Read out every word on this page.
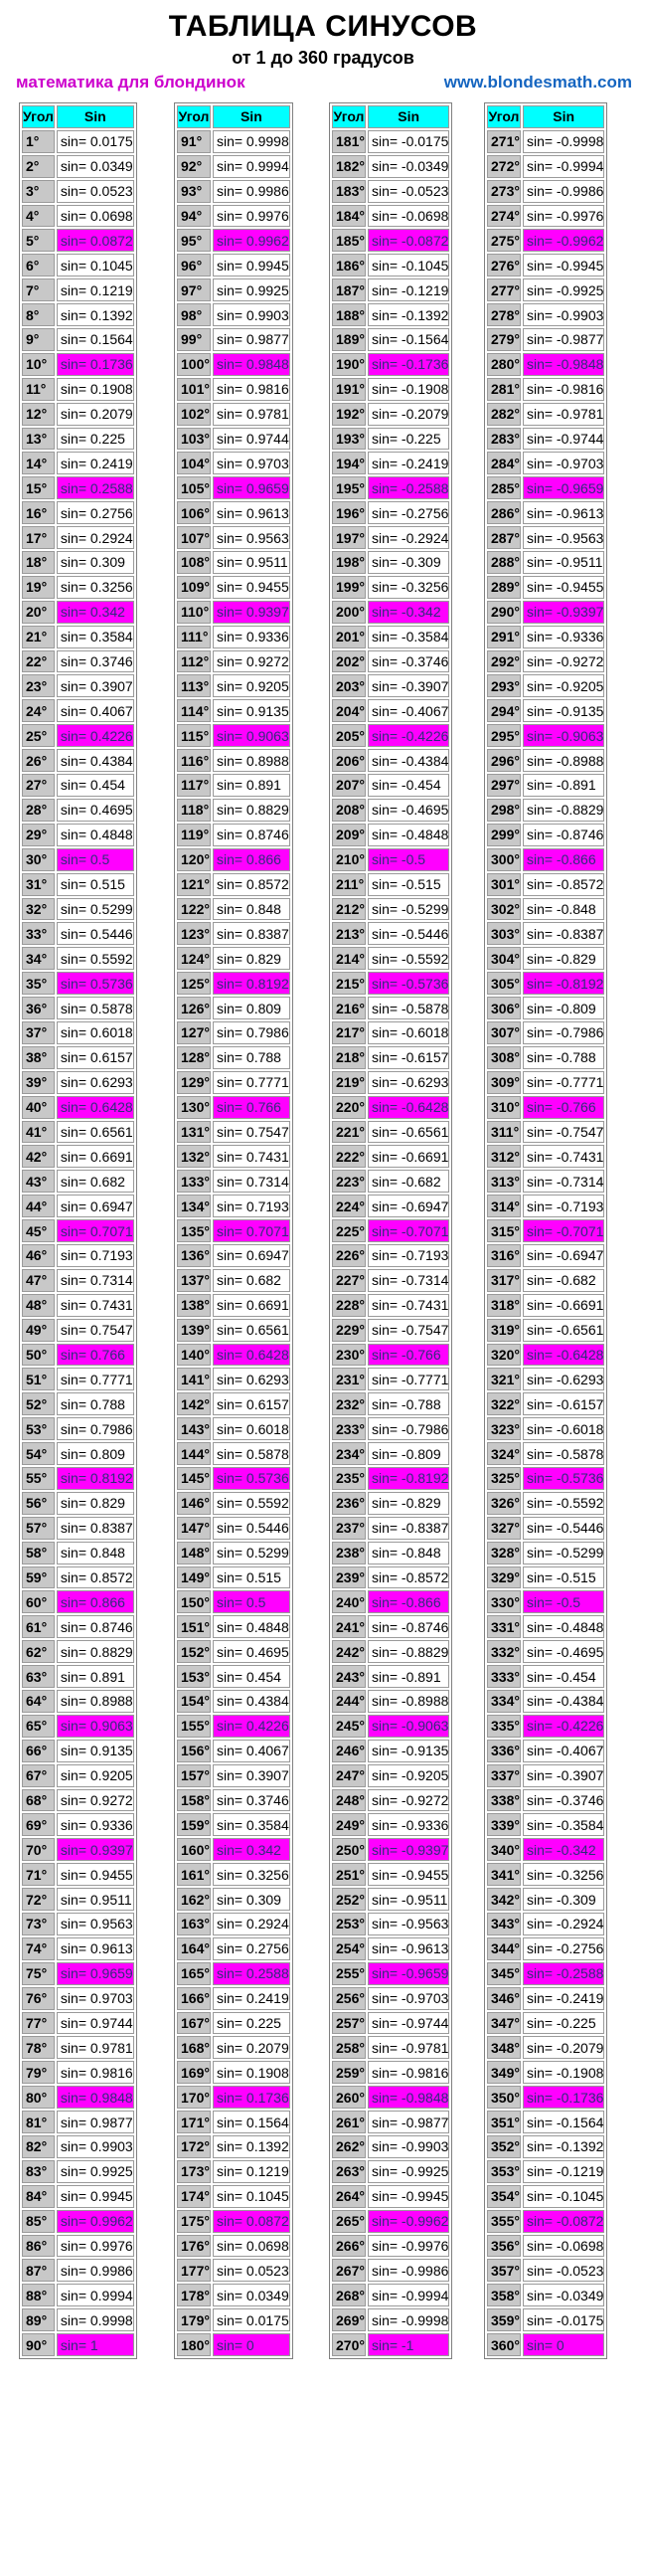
ТАБЛИЦА СИНУСОВ
от 1 до 360 градусов
математика для блондинок	www.blondesmath.com
Угол	Sin
1°	sin= 0.0175
2°	sin= 0.0349
3°	sin= 0.0523
4°	sin= 0.0698
5°	sin= 0.0872
6°	sin= 0.1045
7°	sin= 0.1219
8°	sin= 0.1392
9°	sin= 0.1564
10°	sin= 0.1736
11°	sin= 0.1908
12°	sin= 0.2079
13°	sin= 0.225
14°	sin= 0.2419
15°	sin= 0.2588
16°	sin= 0.2756
17°	sin= 0.2924
18°	sin= 0.309
19°	sin= 0.3256
20°	sin= 0.342
21°	sin= 0.3584
22°	sin= 0.3746
23°	sin= 0.3907
24°	sin= 0.4067
25°	sin= 0.4226
26°	sin= 0.4384
27°	sin= 0.454
28°	sin= 0.4695
29°	sin= 0.4848
30°	sin= 0.5
31°	sin= 0.515
32°	sin= 0.5299
33°	sin= 0.5446
34°	sin= 0.5592
35°	sin= 0.5736
36°	sin= 0.5878
37°	sin= 0.6018
38°	sin= 0.6157
39°	sin= 0.6293
40°	sin= 0.6428
41°	sin= 0.6561
42°	sin= 0.6691
43°	sin= 0.682
44°	sin= 0.6947
45°	sin= 0.7071
46°	sin= 0.7193
47°	sin= 0.7314
48°	sin= 0.7431
49°	sin= 0.7547
50°	sin= 0.766
51°	sin= 0.7771
52°	sin= 0.788
53°	sin= 0.7986
54°	sin= 0.809
55°	sin= 0.8192
56°	sin= 0.829
57°	sin= 0.8387
58°	sin= 0.848
59°	sin= 0.8572
60°	sin= 0.866
61°	sin= 0.8746
62°	sin= 0.8829
63°	sin= 0.891
64°	sin= 0.8988
65°	sin= 0.9063
66°	sin= 0.9135
67°	sin= 0.9205
68°	sin= 0.9272
69°	sin= 0.9336
70°	sin= 0.9397
71°	sin= 0.9455
72°	sin= 0.9511
73°	sin= 0.9563
74°	sin= 0.9613
75°	sin= 0.9659
76°	sin= 0.9703
77°	sin= 0.9744
78°	sin= 0.9781
79°	sin= 0.9816
80°	sin= 0.9848
81°	sin= 0.9877
82°	sin= 0.9903
83°	sin= 0.9925
84°	sin= 0.9945
85°	sin= 0.9962
86°	sin= 0.9976
87°	sin= 0.9986
88°	sin= 0.9994
89°	sin= 0.9998
90°	sin= 1
Угол	Sin
91°	sin= 0.9998
92°	sin= 0.9994
93°	sin= 0.9986
94°	sin= 0.9976
95°	sin= 0.9962
96°	sin= 0.9945
97°	sin= 0.9925
98°	sin= 0.9903
99°	sin= 0.9877
100°	sin= 0.9848
101°	sin= 0.9816
102°	sin= 0.9781
103°	sin= 0.9744
104°	sin= 0.9703
105°	sin= 0.9659
106°	sin= 0.9613
107°	sin= 0.9563
108°	sin= 0.9511
109°	sin= 0.9455
110°	sin= 0.9397
111°	sin= 0.9336
112°	sin= 0.9272
113°	sin= 0.9205
114°	sin= 0.9135
115°	sin= 0.9063
116°	sin= 0.8988
117°	sin= 0.891
118°	sin= 0.8829
119°	sin= 0.8746
120°	sin= 0.866
121°	sin= 0.8572
122°	sin= 0.848
123°	sin= 0.8387
124°	sin= 0.829
125°	sin= 0.8192
126°	sin= 0.809
127°	sin= 0.7986
128°	sin= 0.788
129°	sin= 0.7771
130°	sin= 0.766
131°	sin= 0.7547
132°	sin= 0.7431
133°	sin= 0.7314
134°	sin= 0.7193
135°	sin= 0.7071
136°	sin= 0.6947
137°	sin= 0.682
138°	sin= 0.6691
139°	sin= 0.6561
140°	sin= 0.6428
141°	sin= 0.6293
142°	sin= 0.6157
143°	sin= 0.6018
144°	sin= 0.5878
145°	sin= 0.5736
146°	sin= 0.5592
147°	sin= 0.5446
148°	sin= 0.5299
149°	sin= 0.515
150°	sin= 0.5
151°	sin= 0.4848
152°	sin= 0.4695
153°	sin= 0.454
154°	sin= 0.4384
155°	sin= 0.4226
156°	sin= 0.4067
157°	sin= 0.3907
158°	sin= 0.3746
159°	sin= 0.3584
160°	sin= 0.342
161°	sin= 0.3256
162°	sin= 0.309
163°	sin= 0.2924
164°	sin= 0.2756
165°	sin= 0.2588
166°	sin= 0.2419
167°	sin= 0.225
168°	sin= 0.2079
169°	sin= 0.1908
170°	sin= 0.1736
171°	sin= 0.1564
172°	sin= 0.1392
173°	sin= 0.1219
174°	sin= 0.1045
175°	sin= 0.0872
176°	sin= 0.0698
177°	sin= 0.0523
178°	sin= 0.0349
179°	sin= 0.0175
180°	sin= 0
Угол	Sin
181°	sin= -0.0175
182°	sin= -0.0349
183°	sin= -0.0523
184°	sin= -0.0698
185°	sin= -0.0872
186°	sin= -0.1045
187°	sin= -0.1219
188°	sin= -0.1392
189°	sin= -0.1564
190°	sin= -0.1736
191°	sin= -0.1908
192°	sin= -0.2079
193°	sin= -0.225
194°	sin= -0.2419
195°	sin= -0.2588
196°	sin= -0.2756
197°	sin= -0.2924
198°	sin= -0.309
199°	sin= -0.3256
200°	sin= -0.342
201°	sin= -0.3584
202°	sin= -0.3746
203°	sin= -0.3907
204°	sin= -0.4067
205°	sin= -0.4226
206°	sin= -0.4384
207°	sin= -0.454
208°	sin= -0.4695
209°	sin= -0.4848
210°	sin= -0.5
211°	sin= -0.515
212°	sin= -0.5299
213°	sin= -0.5446
214°	sin= -0.5592
215°	sin= -0.5736
216°	sin= -0.5878
217°	sin= -0.6018
218°	sin= -0.6157
219°	sin= -0.6293
220°	sin= -0.6428
221°	sin= -0.6561
222°	sin= -0.6691
223°	sin= -0.682
224°	sin= -0.6947
225°	sin= -0.7071
226°	sin= -0.7193
227°	sin= -0.7314
228°	sin= -0.7431
229°	sin= -0.7547
230°	sin= -0.766
231°	sin= -0.7771
232°	sin= -0.788
233°	sin= -0.7986
234°	sin= -0.809
235°	sin= -0.8192
236°	sin= -0.829
237°	sin= -0.8387
238°	sin= -0.848
239°	sin= -0.8572
240°	sin= -0.866
241°	sin= -0.8746
242°	sin= -0.8829
243°	sin= -0.891
244°	sin= -0.8988
245°	sin= -0.9063
246°	sin= -0.9135
247°	sin= -0.9205
248°	sin= -0.9272
249°	sin= -0.9336
250°	sin= -0.9397
251°	sin= -0.9455
252°	sin= -0.9511
253°	sin= -0.9563
254°	sin= -0.9613
255°	sin= -0.9659
256°	sin= -0.9703
257°	sin= -0.9744
258°	sin= -0.9781
259°	sin= -0.9816
260°	sin= -0.9848
261°	sin= -0.9877
262°	sin= -0.9903
263°	sin= -0.9925
264°	sin= -0.9945
265°	sin= -0.9962
266°	sin= -0.9976
267°	sin= -0.9986
268°	sin= -0.9994
269°	sin= -0.9998
270°	sin= -1
Угол	Sin
271°	sin= -0.9998
272°	sin= -0.9994
273°	sin= -0.9986
274°	sin= -0.9976
275°	sin= -0.9962
276°	sin= -0.9945
277°	sin= -0.9925
278°	sin= -0.9903
279°	sin= -0.9877
280°	sin= -0.9848
281°	sin= -0.9816
282°	sin= -0.9781
283°	sin= -0.9744
284°	sin= -0.9703
285°	sin= -0.9659
286°	sin= -0.9613
287°	sin= -0.9563
288°	sin= -0.9511
289°	sin= -0.9455
290°	sin= -0.9397
291°	sin= -0.9336
292°	sin= -0.9272
293°	sin= -0.9205
294°	sin= -0.9135
295°	sin= -0.9063
296°	sin= -0.8988
297°	sin= -0.891
298°	sin= -0.8829
299°	sin= -0.8746
300°	sin= -0.866
301°	sin= -0.8572
302°	sin= -0.848
303°	sin= -0.8387
304°	sin= -0.829
305°	sin= -0.8192
306°	sin= -0.809
307°	sin= -0.7986
308°	sin= -0.788
309°	sin= -0.7771
310°	sin= -0.766
311°	sin= -0.7547
312°	sin= -0.7431
313°	sin= -0.7314
314°	sin= -0.7193
315°	sin= -0.7071
316°	sin= -0.6947
317°	sin= -0.682
318°	sin= -0.6691
319°	sin= -0.6561
320°	sin= -0.6428
321°	sin= -0.6293
322°	sin= -0.6157
323°	sin= -0.6018
324°	sin= -0.5878
325°	sin= -0.5736
326°	sin= -0.5592
327°	sin= -0.5446
328°	sin= -0.5299
329°	sin= -0.515
330°	sin= -0.5
331°	sin= -0.4848
332°	sin= -0.4695
333°	sin= -0.454
334°	sin= -0.4384
335°	sin= -0.4226
336°	sin= -0.4067
337°	sin= -0.3907
338°	sin= -0.3746
339°	sin= -0.3584
340°	sin= -0.342
341°	sin= -0.3256
342°	sin= -0.309
343°	sin= -0.2924
344°	sin= -0.2756
345°	sin= -0.2588
346°	sin= -0.2419
347°	sin= -0.225
348°	sin= -0.2079
349°	sin= -0.1908
350°	sin= -0.1736
351°	sin= -0.1564
352°	sin= -0.1392
353°	sin= -0.1219
354°	sin= -0.1045
355°	sin= -0.0872
356°	sin= -0.0698
357°	sin= -0.0523
358°	sin= -0.0349
359°	sin= -0.0175
360°	sin= 0
